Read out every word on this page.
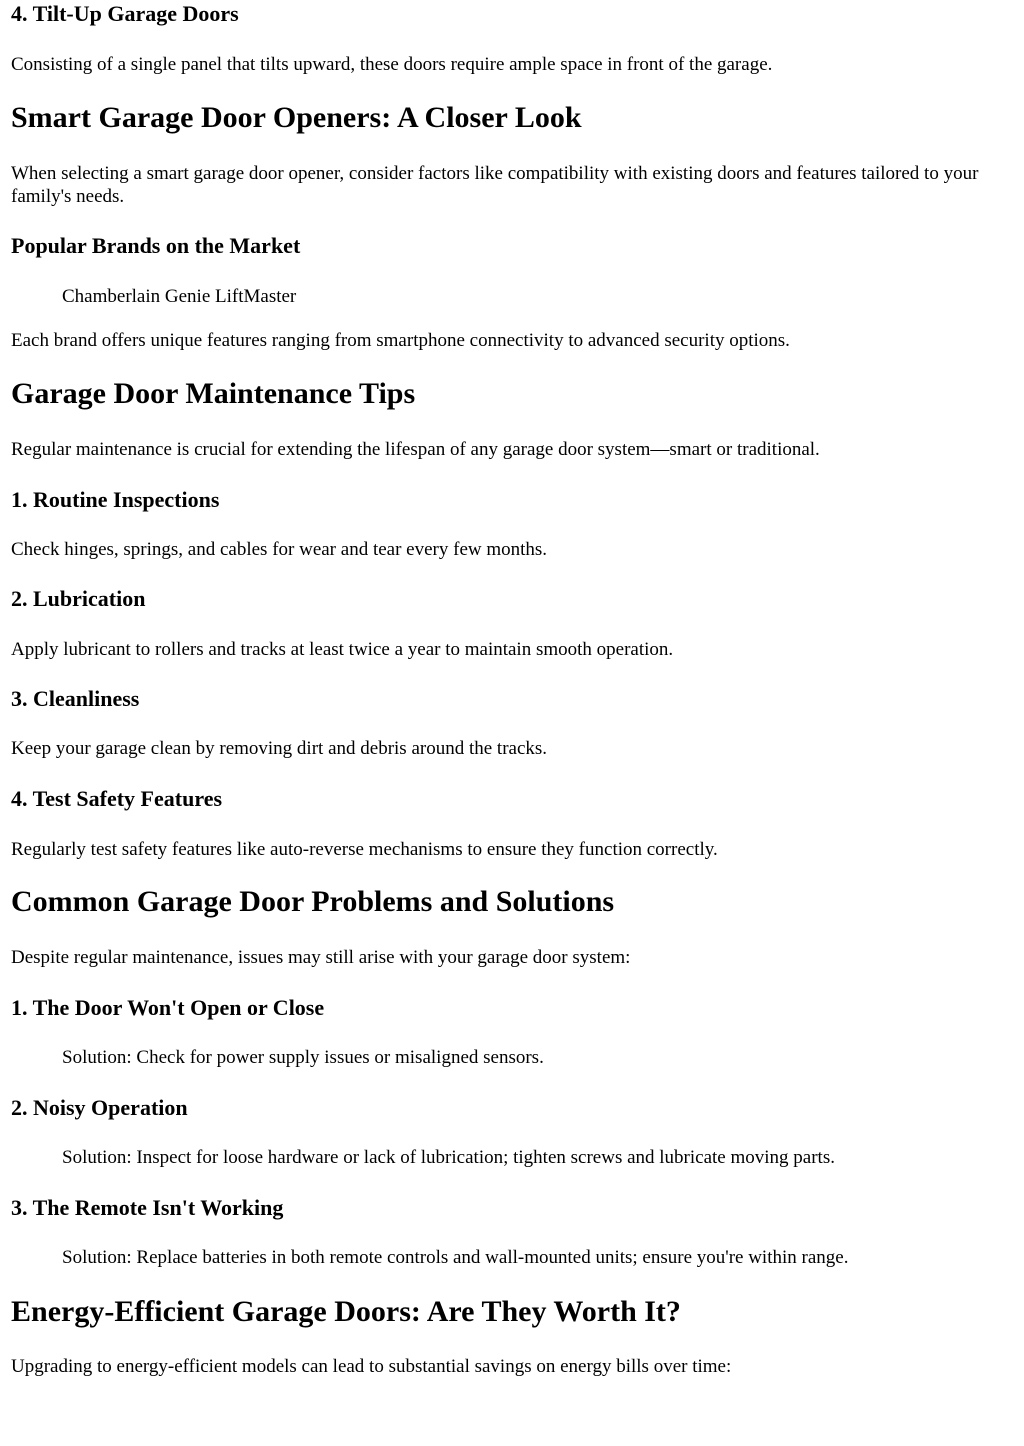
4. Tilt-Up Garage Doors

Consisting of a single panel that tilts upward, these doors require ample space in front of the garage.

Smart Garage Door Openers: A Closer Look

When selecting a smart garage door opener, consider factors like compatibility with existing doors and features tailored to your family's needs.

Popular Brands on the Market

Chamberlain Genie LiftMaster

Each brand offers unique features ranging from smartphone connectivity to advanced security options.

Garage Door Maintenance Tips

Regular maintenance is crucial for extending the lifespan of any garage door system—smart or traditional.

1. Routine Inspections

Check hinges, springs, and cables for wear and tear every few months.

2. Lubrication

Apply lubricant to rollers and tracks at least twice a year to maintain smooth operation.

3. Cleanliness

Keep your garage clean by removing dirt and debris around the tracks.

4. Test Safety Features

Regularly test safety features like auto-reverse mechanisms to ensure they function correctly.

Common Garage Door Problems and Solutions

Despite regular maintenance, issues may still arise with your garage door system:

1. The Door Won't Open or Close

Solution: Check for power supply issues or misaligned sensors.

2. Noisy Operation

Solution: Inspect for loose hardware or lack of lubrication; tighten screws and lubricate moving parts.

3. The Remote Isn't Working

Solution: Replace batteries in both remote controls and wall-mounted units; ensure you're within range.

Energy-Efficient Garage Doors: Are They Worth It?

Upgrading to energy-efficient models can lead to substantial savings on energy bills over time:
